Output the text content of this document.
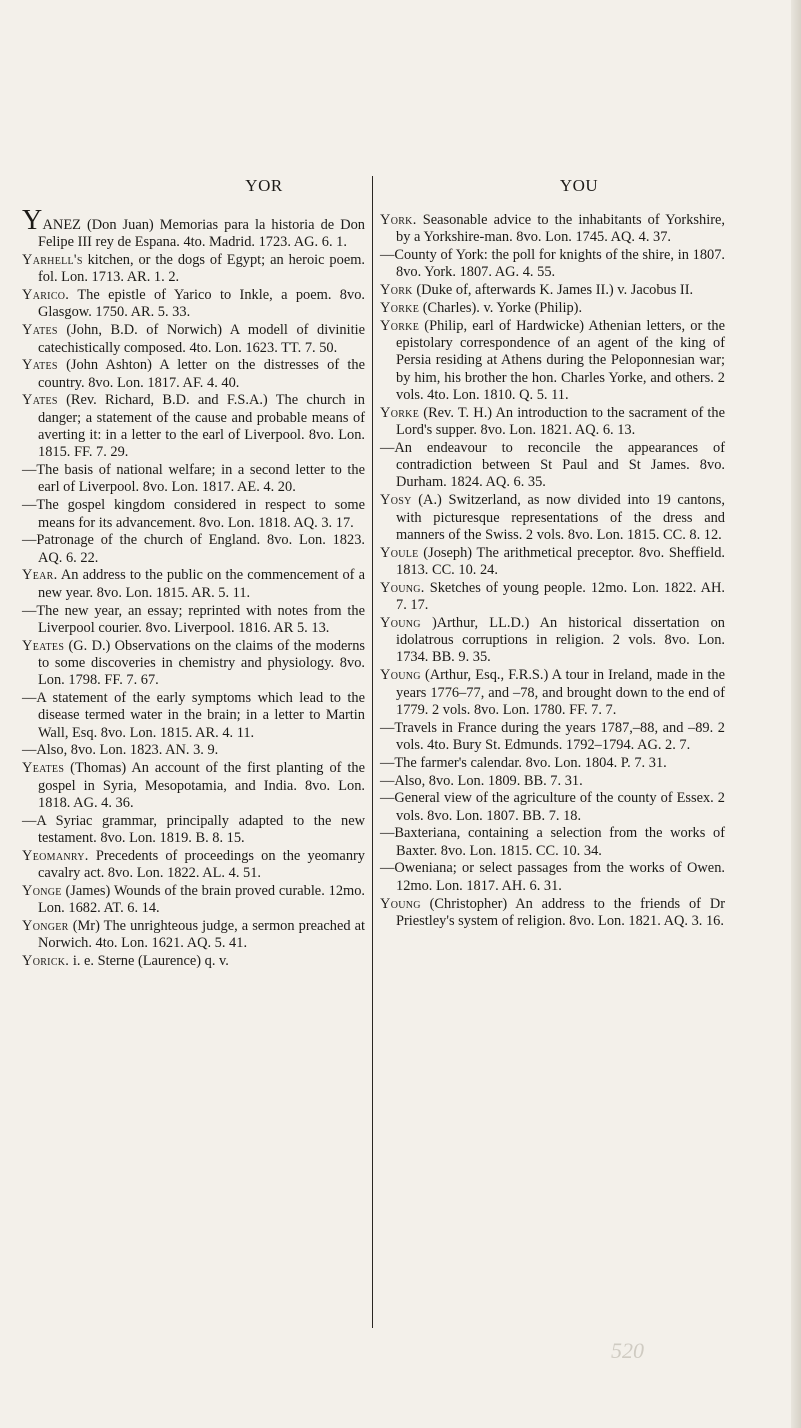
YOR	YOU

YANEZ (Don Juan) Memorias para la historia de Don Felipe III rey de Espana. 4to. Madrid. 1723. AG. 6. 1.

Yarhell's kitchen, or the dogs of Egypt; an heroic poem. fol. Lon. 1713. AR. 1. 2.

Yarico. The epistle of Yarico to Inkle, a poem. 8vo. Glasgow. 1750. AR. 5. 33.

Yates (John, B.D. of Norwich) A modell of divinitie catechistically composed. 4to. Lon. 1623. TT. 7. 50.

Yates (John Ashton) A letter on the distresses of the country. 8vo. Lon. 1817. AF. 4. 40.

Yates (Rev. Richard, B.D. and F.S.A.) The church in danger; a statement of the cause and probable means of averting it: in a letter to the earl of Liverpool. 8vo. Lon. 1815. FF. 7. 29.

—The basis of national welfare; in a second letter to the earl of Liverpool. 8vo. Lon. 1817. AE. 4. 20.

—The gospel kingdom considered in respect to some means for its advancement. 8vo. Lon. 1818. AQ. 3. 17.

—Patronage of the church of England. 8vo. Lon. 1823. AQ. 6. 22.

Year. An address to the public on the commencement of a new year. 8vo. Lon. 1815. AR. 5. 11.

—The new year, an essay; reprinted with notes from the Liverpool courier. 8vo. Liverpool. 1816. AR 5. 13.

Yeates (G. D.) Observations on the claims of the moderns to some discoveries in chemistry and physiology. 8vo. Lon. 1798. FF. 7. 67.

—A statement of the early symptoms which lead to the disease termed water in the brain; in a letter to Martin Wall, Esq. 8vo. Lon. 1815. AR. 4. 11.

—Also, 8vo. Lon. 1823. AN. 3. 9.

Yeates (Thomas) An account of the first planting of the gospel in Syria, Mesopotamia, and India. 8vo. Lon. 1818. AG. 4. 36.

—A Syriac grammar, principally adapted to the new testament. 8vo. Lon. 1819. B. 8. 15.

Yeomanry. Precedents of proceedings on the yeomanry cavalry act. 8vo. Lon. 1822. AL. 4. 51.

Yonge (James) Wounds of the brain proved curable. 12mo. Lon. 1682. AT. 6. 14.

Yonger (Mr) The unrighteous judge, a sermon preached at Norwich. 4to. Lon. 1621. AQ. 5. 41.

Yorick. i. e. Sterne (Laurence) q. v.

York. Seasonable advice to the inhabitants of Yorkshire, by a Yorkshire-man. 8vo. Lon. 1745. AQ. 4. 37.

—County of York: the poll for knights of the shire, in 1807. 8vo. York. 1807. AG. 4. 55.

York (Duke of, afterwards K. James II.) v. Jacobus II.

Yorke (Charles). v. Yorke (Philip).

Yorke (Philip, earl of Hardwicke) Athenian letters, or the epistolary correspondence of an agent of the king of Persia residing at Athens during the Peloponnesian war; by him, his brother the hon. Charles Yorke, and others. 2 vols. 4to. Lon. 1810. Q. 5. 11.

Yorke (Rev. T. H.) An introduction to the sacrament of the Lord's supper. 8vo. Lon. 1821. AQ. 6. 13.

—An endeavour to reconcile the appearances of contradiction between St Paul and St James. 8vo. Durham. 1824. AQ. 6. 35.

Yosy (A.) Switzerland, as now divided into 19 cantons, with picturesque representations of the dress and manners of the Swiss. 2 vols. 8vo. Lon. 1815. CC. 8. 12.

Youle (Joseph) The arithmetical preceptor. 8vo. Sheffield. 1813. CC. 10. 24.

Young. Sketches of young people. 12mo. Lon. 1822. AH. 7. 17.

Young )Arthur, LL.D.) An historical dissertation on idolatrous corruptions in religion. 2 vols. 8vo. Lon. 1734. BB. 9. 35.

Young (Arthur, Esq., F.R.S.) A tour in Ireland, made in the years 1776–77, and –78, and brought down to the end of 1779. 2 vols. 8vo. Lon. 1780. FF. 7. 7.

—Travels in France during the years 1787,–88, and –89. 2 vols. 4to. Bury St. Edmunds. 1792–1794. AG. 2. 7.

—The farmer's calendar. 8vo. Lon. 1804. P. 7. 31.

—Also, 8vo. Lon. 1809. BB. 7. 31.

—General view of the agriculture of the county of Essex. 2 vols. 8vo. Lon. 1807. BB. 7. 18.

—Baxteriana, containing a selection from the works of Baxter. 8vo. Lon. 1815. CC. 10. 34.

—Oweniana; or select passages from the works of Owen. 12mo. Lon. 1817. AH. 6. 31.

Young (Christopher) An address to the friends of Dr Priestley's system of religion. 8vo. Lon. 1821. AQ. 3. 16.

520
